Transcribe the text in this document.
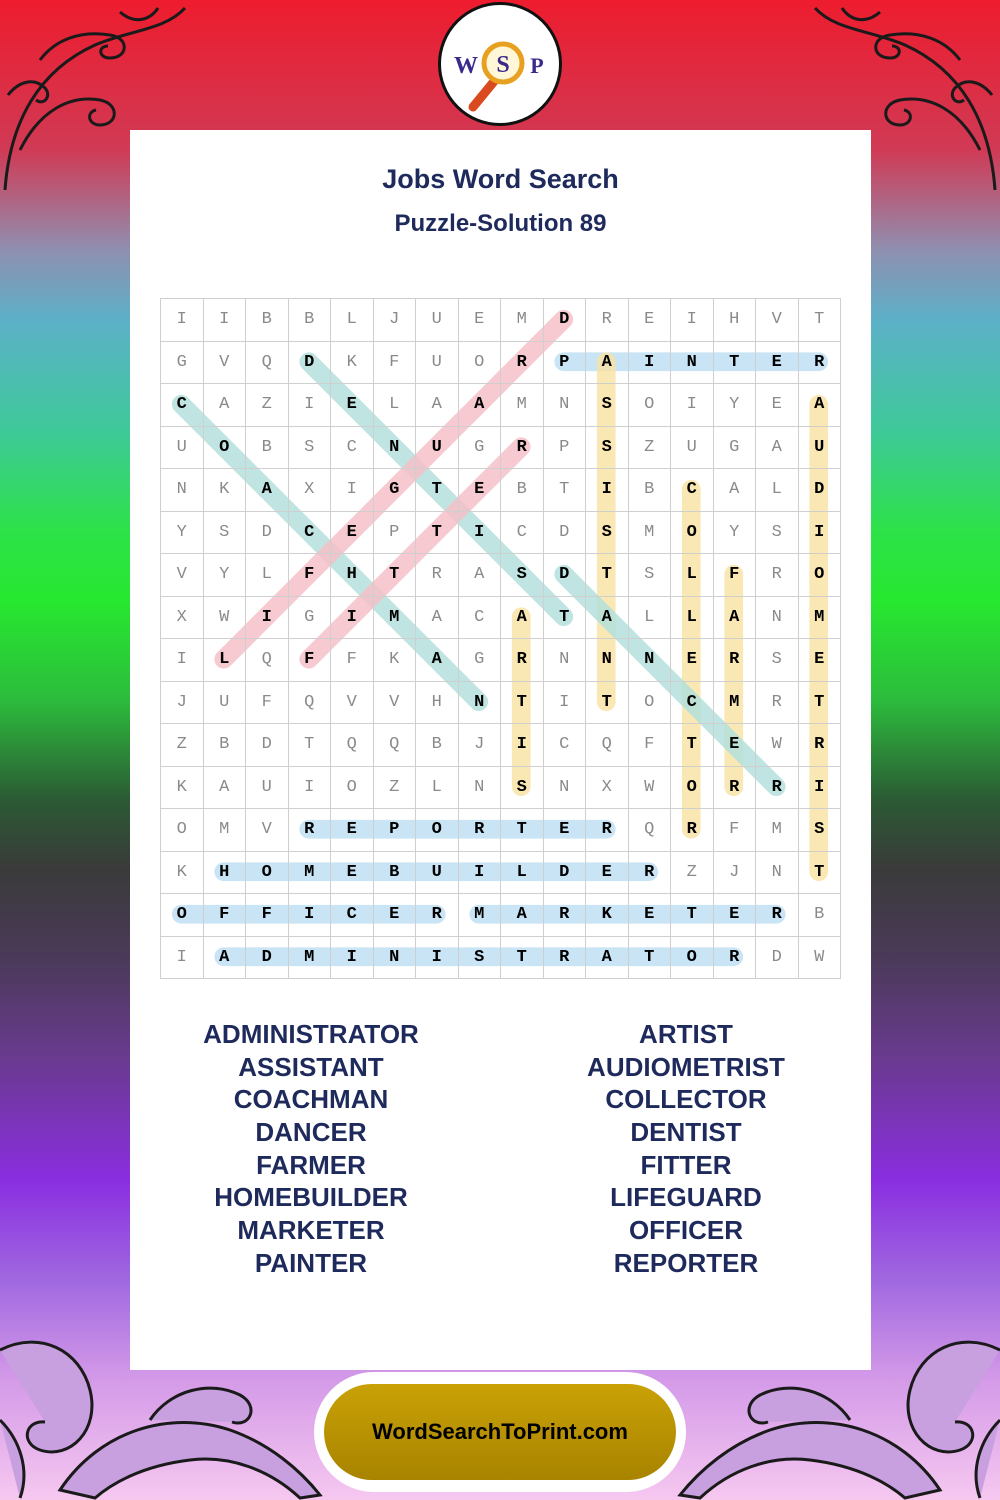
W S P
Jobs Word Search
Puzzle-Solution 89
I	I	B	B	L	J	U	E	M	D	R	E	I	H	V	T
G	V	Q	D	K	F	U	O	R	P	A	I	N	T	E	R
C	A	Z	I	E	L	A	A	M	N	S	O	I	Y	E	A
U	O	B	S	C	N	U	G	R	P	S	Z	U	G	A	U
N	K	A	X	I	G	T	E	B	T	I	B	C	A	L	D
Y	S	D	C	E	P	T	I	C	D	S	M	O	Y	S	I
V	Y	L	F	H	T	R	A	S	D	T	S	L	F	R	O
X	W	I	G	I	M	A	C	A	T	A	L	L	A	N	M
I	L	Q	F	F	K	A	G	R	N	N	N	E	R	S	E
J	U	F	Q	V	V	H	N	T	I	T	O	C	M	R	T
Z	B	D	T	Q	Q	B	J	I	C	Q	F	T	E	W	R
K	A	U	I	O	Z	L	N	S	N	X	W	O	R	R	I
O	M	V	R	E	P	O	R	T	E	R	Q	R	F	M	S
K	H	O	M	E	B	U	I	L	D	E	R	Z	J	N	T
O	F	F	I	C	E	R	M	A	R	K	E	T	E	R	B
I	A	D	M	I	N	I	S	T	R	A	T	O	R	D	W
ADMINISTRATOR
ASSISTANT
COACHMAN
DANCER
FARMER
HOMEBUILDER
MARKETER
PAINTER
ARTIST
AUDIOMETRIST
COLLECTOR
DENTIST
FITTER
LIFEGUARD
OFFICER
REPORTER
WordSearchToPrint.com
